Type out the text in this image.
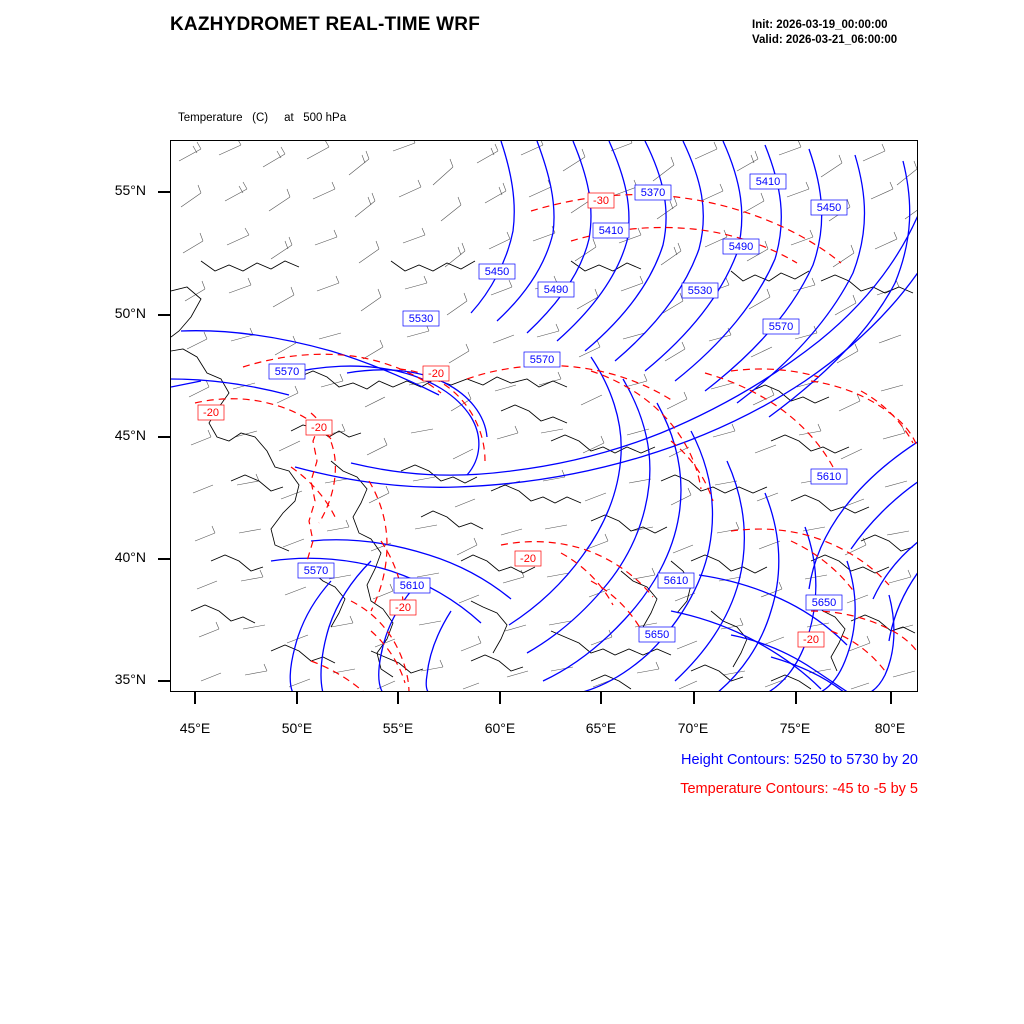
KAZHYDROMET REAL-TIME WRF	Init: 2026-03-19_00:00:00
Valid: 2026-03-21_06:00:00

Temperature   (C)     at   500 hPa

55°N
50°N
45°N
40°N
35°N
45°E	50°E	55°E	60°E	65°E	70°E	75°E	80°E
5370
5410
5450
5410
5490
5450
5490	5530
5530
5570
5570
5570
5610
5570
5610	5610
5650
5650
-30
-20
-20
-20
-20
-20
-20
Height Contours: 5250 to 5730 by 20
Temperature Contours: -45 to -5 by 5
